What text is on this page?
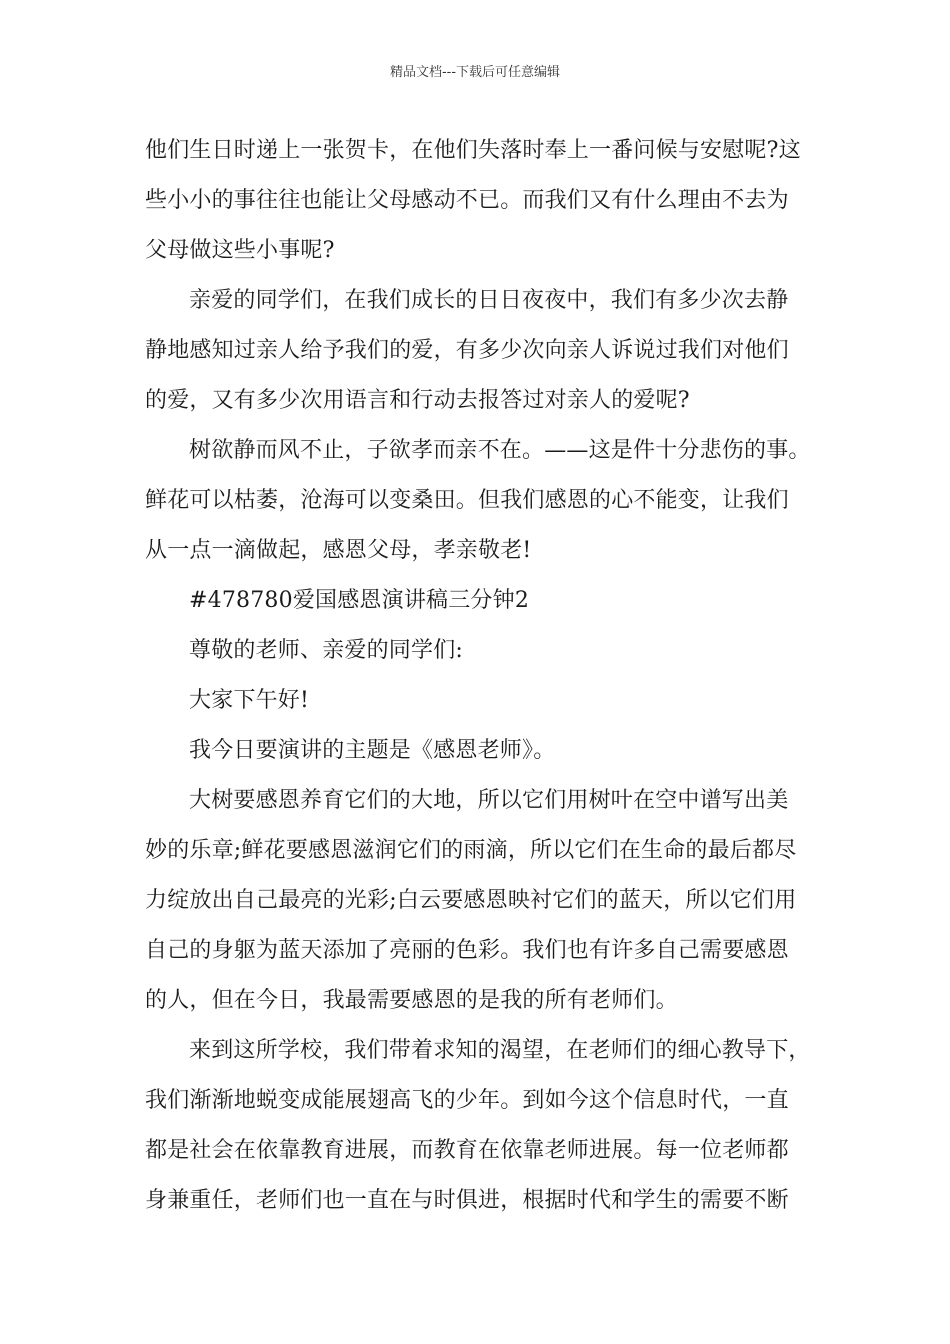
精品文档---下载后可任意编辑
他们生日时递上一张贺卡，在他们失落时奉上一番问候与安慰呢?这
些小小的事往往也能让父母感动不已。而我们又有什么理由不去为
父母做这些小事呢?
亲爱的同学们，在我们成长的日日夜夜中，我们有多少次去静
静地感知过亲人给予我们的爱，有多少次向亲人诉说过我们对他们
的爱，又有多少次用语言和行动去报答过对亲人的爱呢?
树欲静而风不止，子欲孝而亲不在。——这是件十分悲伤的事。
鲜花可以枯萎，沧海可以变桑田。但我们感恩的心不能变，让我们
从一点一滴做起，感恩父母，孝亲敬老!
#478780爱国感恩演讲稿三分钟2
尊敬的老师、亲爱的同学们:
大家下午好!
我今日要演讲的主题是《感恩老师》。
大树要感恩养育它们的大地，所以它们用树叶在空中谱写出美
妙的乐章;鲜花要感恩滋润它们的雨滴，所以它们在生命的最后都尽
力绽放出自己最亮的光彩;白云要感恩映衬它们的蓝天，所以它们用
自己的身躯为蓝天添加了亮丽的色彩。我们也有许多自己需要感恩
的人，但在今日，我最需要感恩的是我的所有老师们。
来到这所学校，我们带着求知的渴望，在老师们的细心教导下，
我们渐渐地蜕变成能展翅高飞的少年。到如今这个信息时代，一直
都是社会在依靠教育进展，而教育在依靠老师进展。每一位老师都
身兼重任，老师们也一直在与时俱进，根据时代和学生的需要不断
